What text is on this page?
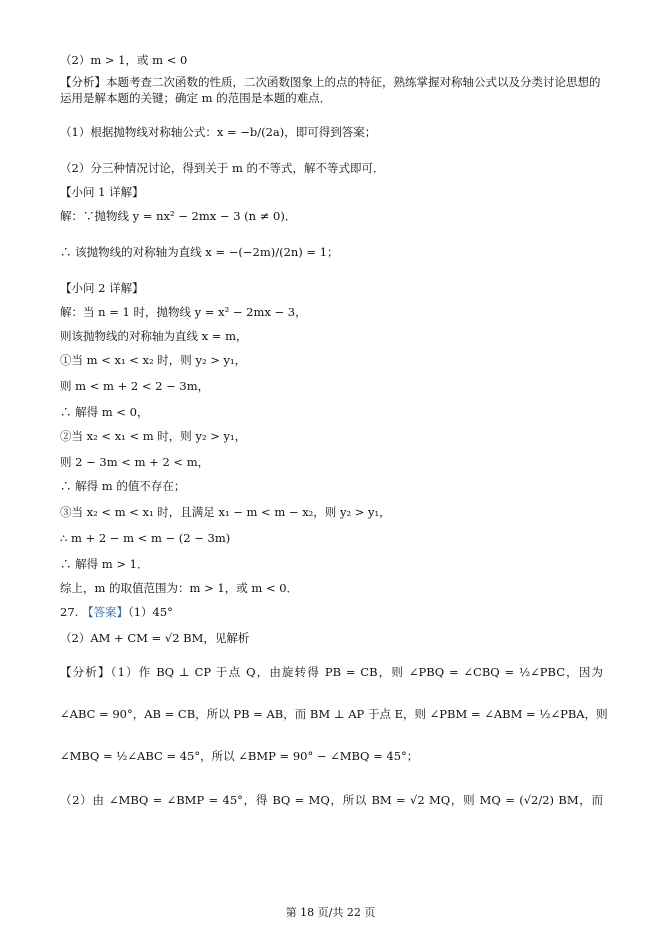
（2）m > 1，或 m < 0
【分析】本题考查二次函数的性质，二次函数图象上的点的特征，熟练掌握对称轴公式以及分类讨论思想的运用是解本题的关键；确定 m 的范围是本题的难点．
（1）根据抛物线对称轴公式：x = −b/(2a)，即可得到答案；
（2）分三种情况讨论，得到关于 m 的不等式，解不等式即可．
【小问 1 详解】
解：∵抛物线 y = nx² − 2mx − 3 (n ≠ 0)．
∴ 该抛物线的对称轴为直线 x = −(−2m)/(2n) = 1；
【小问 2 详解】
解：当 n = 1 时，抛物线 y = x² − 2mx − 3，
则该抛物线的对称轴为直线 x = m，
①当 m < x₁ < x₂ 时，则 y₂ > y₁，
则 m < m + 2 < 2 − 3m，
∴ 解得 m < 0，
②当 x₂ < x₁ < m 时，则 y₂ > y₁，
则 2 − 3m < m + 2 < m，
∴ 解得 m 的值不存在；
③当 x₂ < m < x₁ 时，且满足 x₁ − m < m − x₂，则 y₂ > y₁，
∴ m + 2 − m < m − (2 − 3m)
∴ 解得 m > 1．
综上，m 的取值范围为：m > 1，或 m < 0．
27. 【答案】（1）45°
（2）AM + CM = √2 BM，见解析
【分析】（1）作 BQ ⊥ CP 于点 Q，由旋转得 PB = CB，则 ∠PBQ = ∠CBQ = ½∠PBC，因为
∠ABC = 90°，AB = CB，所以 PB = AB，而 BM ⊥ AP 于点 E，则 ∠PBM = ∠ABM = ½∠PBA，则
∠MBQ = ½∠ABC = 45°，所以 ∠BMP = 90° − ∠MBQ = 45°；
（2）由 ∠MBQ = ∠BMP = 45°，得 BQ = MQ，所以 BM = √2 MQ，则 MQ = (√2/2) BM，而
第 18 页/共 22 页
